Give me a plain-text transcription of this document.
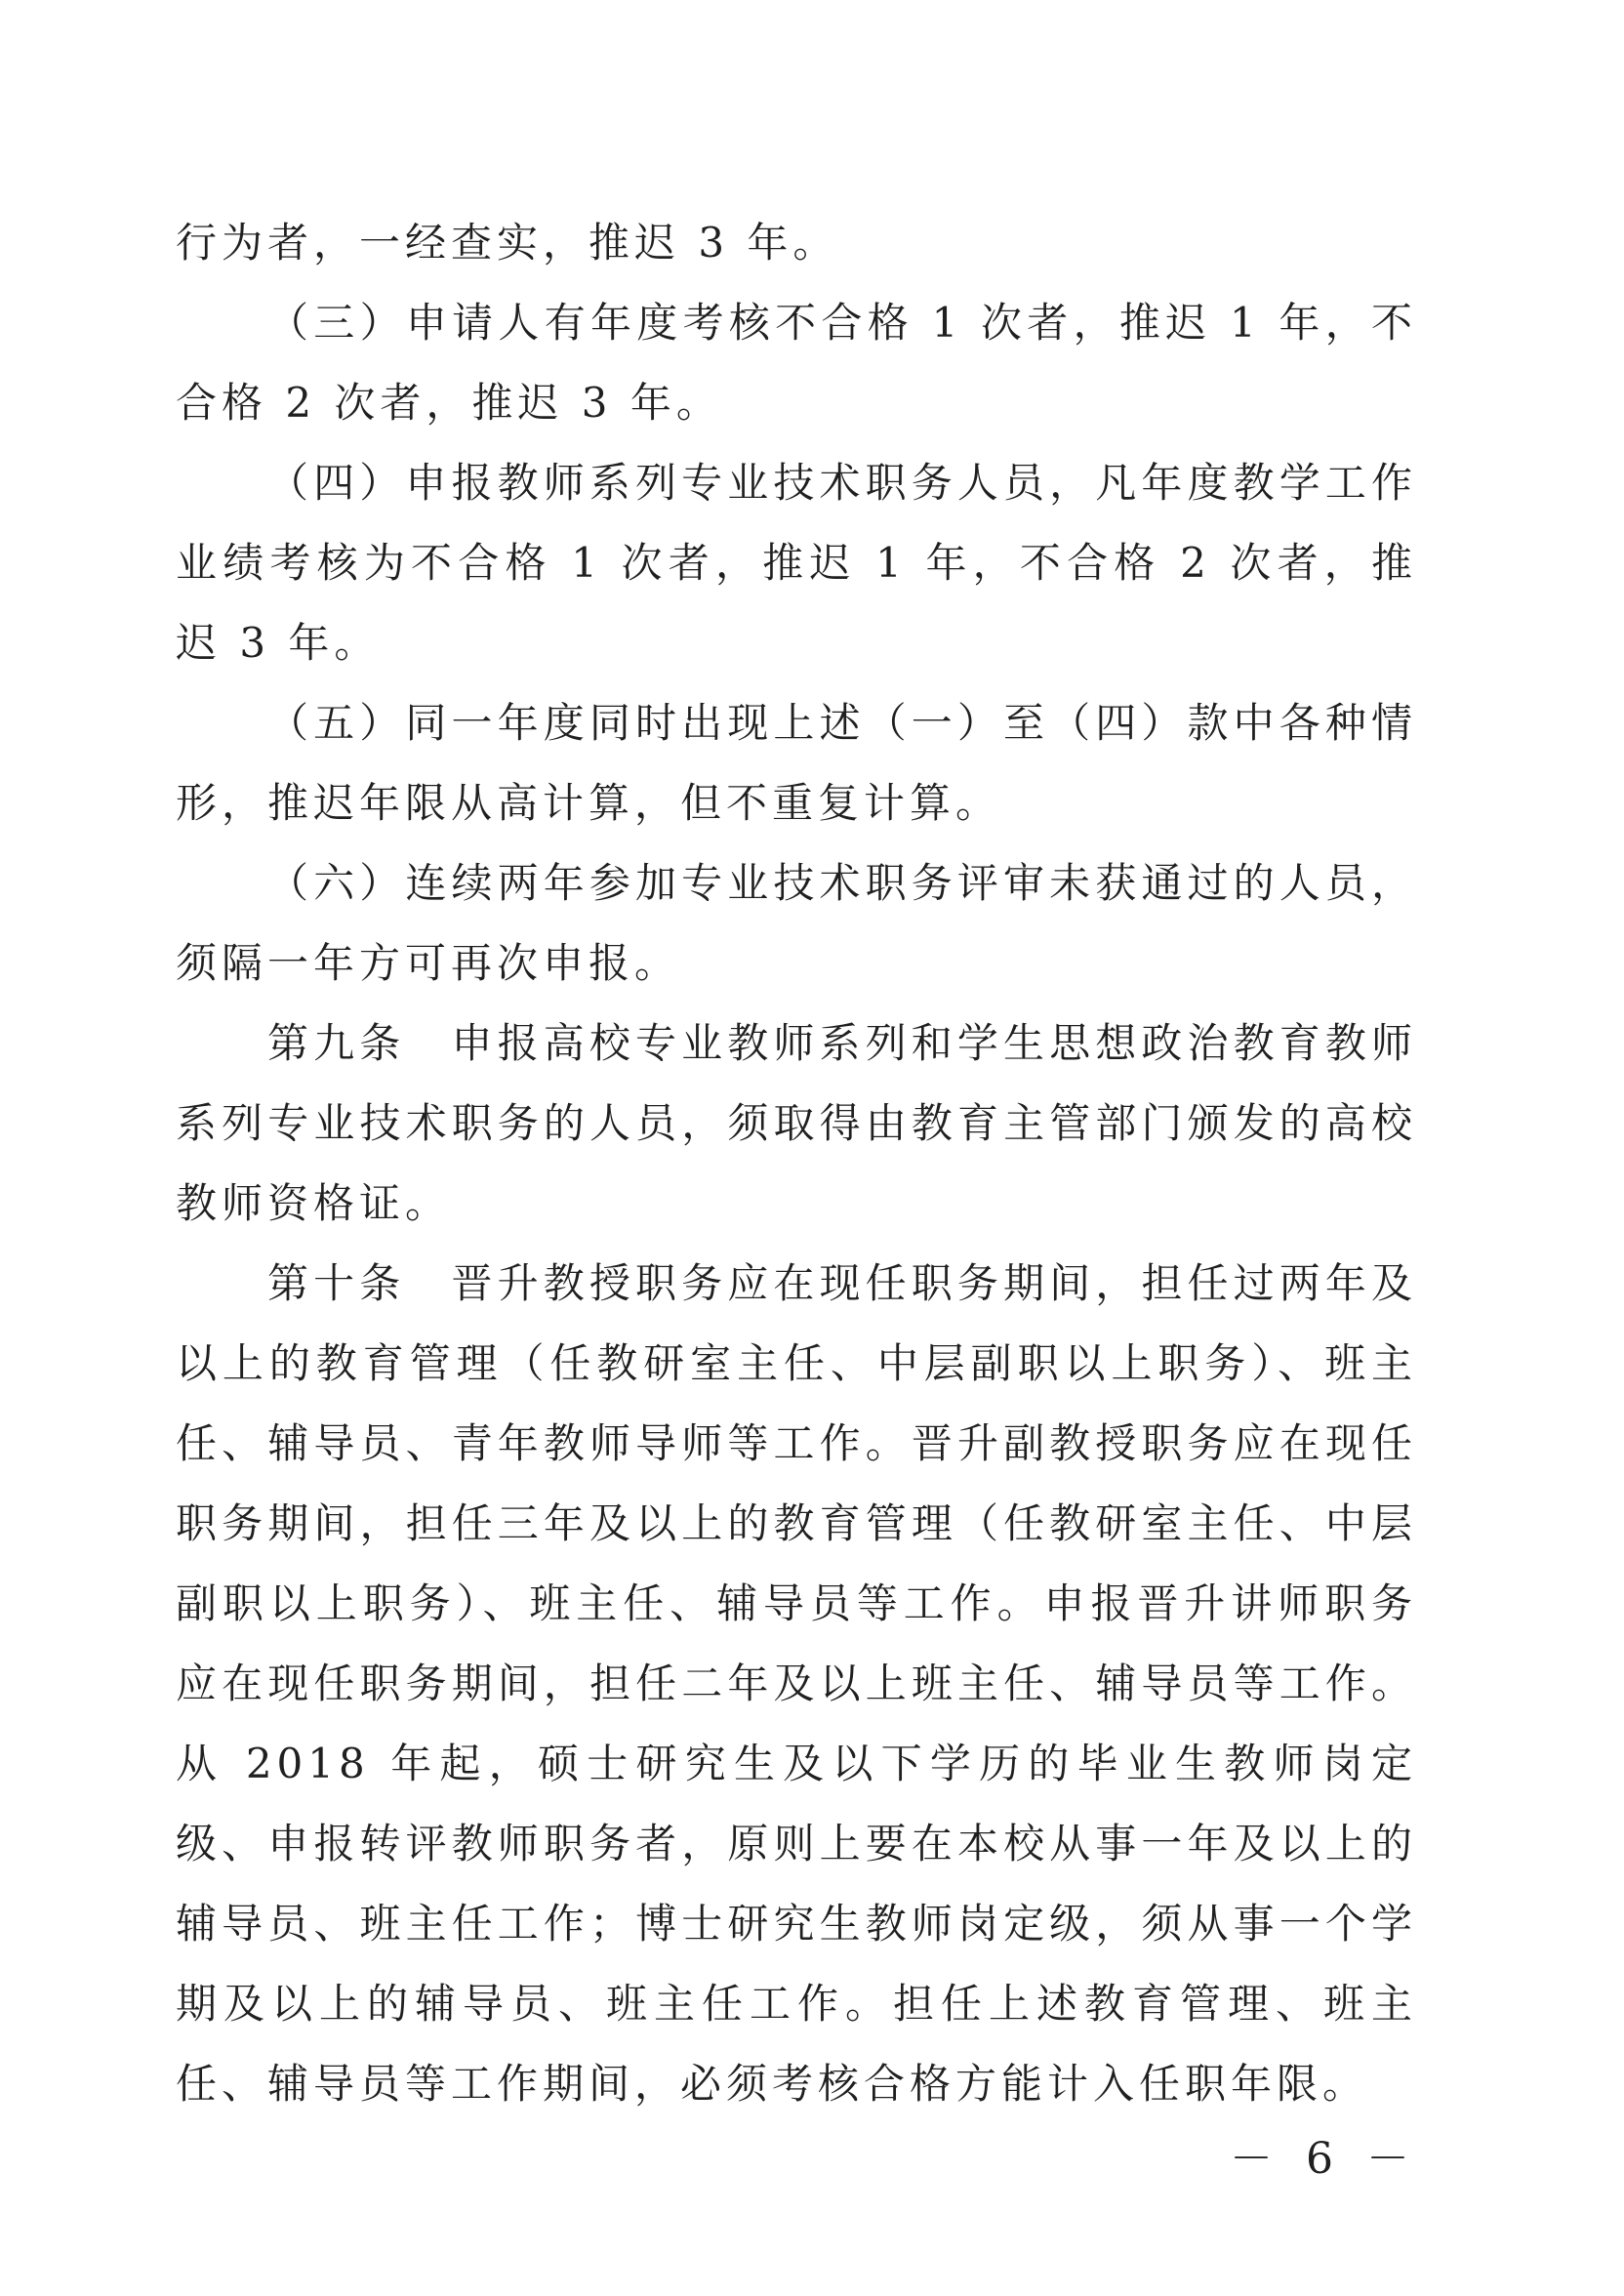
行为者，一经查实，推迟 3 年。

（三）申请人有年度考核不合格 1 次者，推迟 1 年，不合格 2 次者，推迟 3 年。

（四）申报教师系列专业技术职务人员，凡年度教学工作业绩考核为不合格 1 次者，推迟 1 年，不合格 2 次者，推迟 3 年。

（五）同一年度同时出现上述（一）至（四）款中各种情形，推迟年限从高计算，但不重复计算。

（六）连续两年参加专业技术职务评审未获通过的人员，须隔一年方可再次申报。

第九条　申报高校专业教师系列和学生思想政治教育教师系列专业技术职务的人员，须取得由教育主管部门颁发的高校教师资格证。

第十条　晋升教授职务应在现任职务期间，担任过两年及以上的教育管理（任教研室主任、中层副职以上职务）、班主任、辅导员、青年教师导师等工作。晋升副教授职务应在现任职务期间，担任三年及以上的教育管理（任教研室主任、中层副职以上职务）、班主任、辅导员等工作。申报晋升讲师职务应在现任职务期间，担任二年及以上班主任、辅导员等工作。从 2018 年起，硕士研究生及以下学历的毕业生教师岗定级、申报转评教师职务者，原则上要在本校从事一年及以上的辅导员、班主任工作；博士研究生教师岗定级，须从事一个学期及以上的辅导员、班主任工作。担任上述教育管理、班主任、辅导员等工作期间，必须考核合格方能计入任职年限。

－ 6 －
